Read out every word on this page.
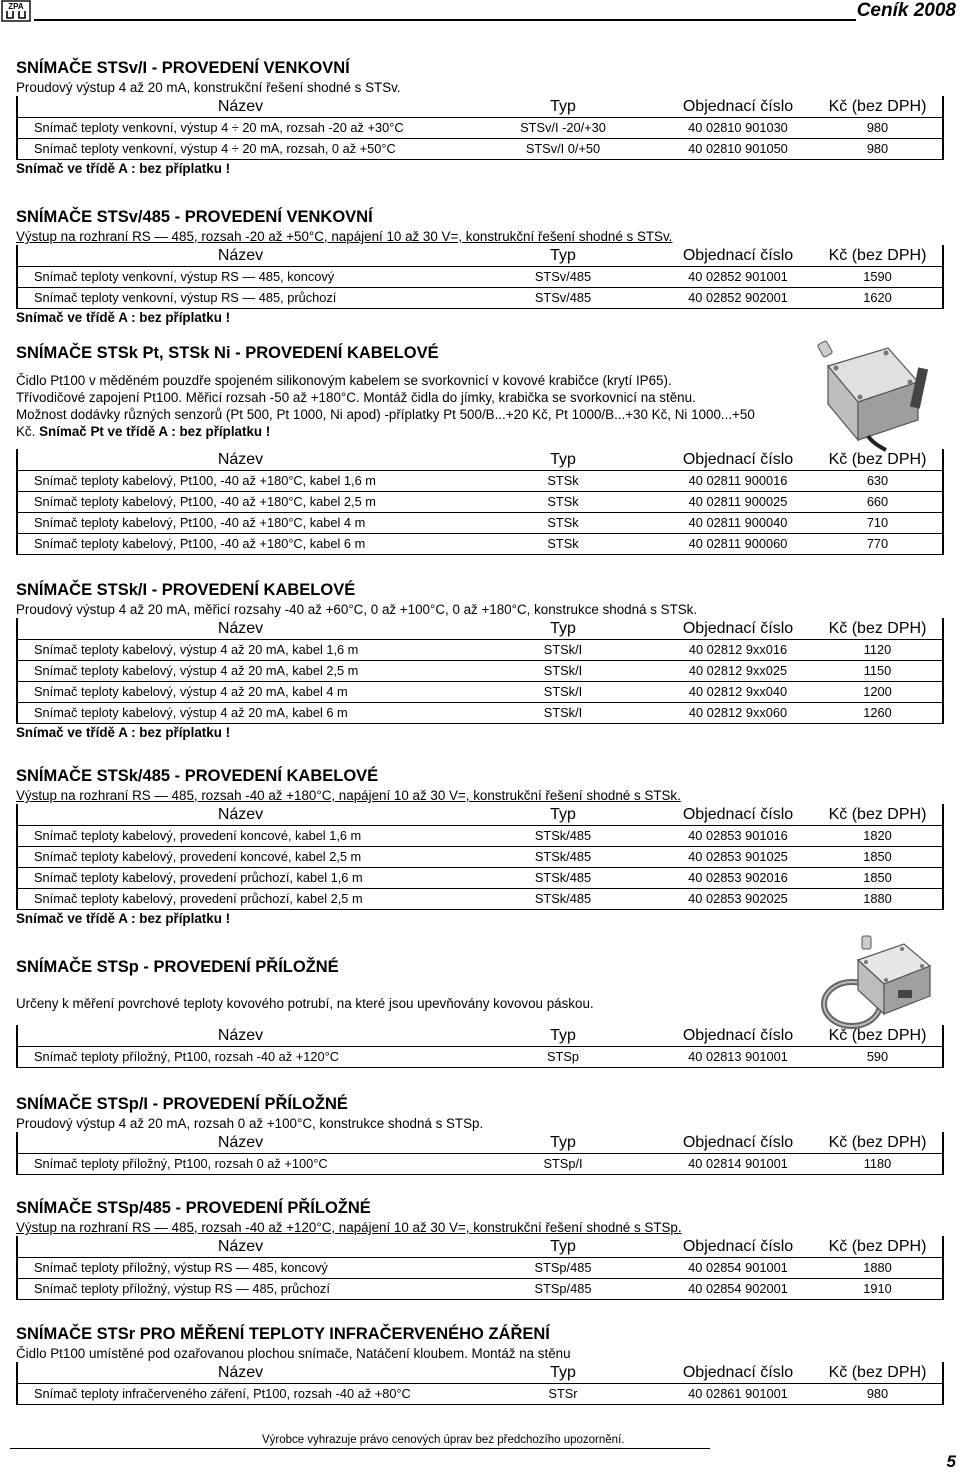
ZPA	Ceník 2008
SNÍMAČE STSv/I - PROVEDENÍ VENKOVNÍ
Proudový výstup 4 až 20 mA, konstrukční řešení shodné s STSv.
Název	Typ	Objednací číslo	Kč (bez DPH)
Snímač teploty venkovní, výstup 4 ÷ 20 mA, rozsah -20 až +30°C	STSv/I -20/+30	40 02810 901030	980
Snímač teploty venkovní, výstup 4 ÷ 20 mA, rozsah, 0 až +50°C	STSv/I 0/+50	40 02810 901050	980
Snímač ve třídě A : bez příplatku !
SNÍMAČE STSv/485 - PROVEDENÍ VENKOVNÍ
Výstup na rozhraní RS — 485, rozsah -20 až +50°C, napájení 10 až 30 V=, konstrukční řešení shodné s STSv.
Název	Typ	Objednací číslo	Kč (bez DPH)
Snímač teploty venkovní, výstup RS — 485, koncový	STSv/485	40 02852 901001	1590
Snímač teploty venkovní, výstup RS — 485, průchozí	STSv/485	40 02852 902001	1620
Snímač ve třídě A : bez příplatku !
SNÍMAČE STSk Pt, STSk Ni - PROVEDENÍ KABELOVÉ
Čidlo Pt100 v měděném pouzdře spojeném silikonovým kabelem se svorkovnicí v kovové krabičce (krytí IP65).
Třívodičové zapojení Pt100. Měřicí rozsah -50 až +180°C. Montáž čidla do jímky, krabička se svorkovnicí na stěnu.
Možnost dodávky různých senzorů (Pt 500, Pt 1000, Ni apod) -příplatky Pt 500/B...+20 Kč, Pt 1000/B...+30 Kč, Ni 1000...+50 Kč. Snímač Pt ve třídě A : bez příplatku !
Název	Typ	Objednací číslo	Kč (bez DPH)
Snímač teploty kabelový, Pt100, -40 až +180°C, kabel 1,6 m	STSk	40 02811 900016	630
Snímač teploty kabelový, Pt100, -40 až +180°C, kabel 2,5 m	STSk	40 02811 900025	660
Snímač teploty kabelový, Pt100, -40 až +180°C, kabel 4 m	STSk	40 02811 900040	710
Snímač teploty kabelový, Pt100, -40 až +180°C, kabel 6 m	STSk	40 02811 900060	770
SNÍMAČE STSk/I - PROVEDENÍ KABELOVÉ
Proudový výstup 4 až 20 mA, měřicí rozsahy -40 až +60°C, 0 až +100°C, 0 až +180°C, konstrukce shodná s STSk.
Název	Typ	Objednací číslo	Kč (bez DPH)
Snímač teploty kabelový, výstup 4 až 20 mA, kabel 1,6 m	STSk/I	40 02812 9xx016	1120
Snímač teploty kabelový, výstup 4 až 20 mA, kabel 2,5 m	STSk/I	40 02812 9xx025	1150
Snímač teploty kabelový, výstup 4 až 20 mA, kabel 4 m	STSk/I	40 02812 9xx040	1200
Snímač teploty kabelový, výstup 4 až 20 mA, kabel 6 m	STSk/I	40 02812 9xx060	1260
Snímač ve třídě A : bez příplatku !
SNÍMAČE STSk/485 - PROVEDENÍ KABELOVÉ
Výstup na rozhraní RS — 485, rozsah -40 až +180°C, napájení 10 až 30 V=, konstrukční řešení shodné s STSk.
Název	Typ	Objednací číslo	Kč (bez DPH)
Snímač teploty kabelový, provedení koncové, kabel 1,6 m	STSk/485	40 02853 901016	1820
Snímač teploty kabelový, provedení koncové, kabel 2,5 m	STSk/485	40 02853 901025	1850
Snímač teploty kabelový, provedení průchozí, kabel 1,6 m	STSk/485	40 02853 902016	1850
Snímač teploty kabelový, provedení průchozí, kabel 2,5 m	STSk/485	40 02853 902025	1880
Snímač ve třídě A : bez příplatku !
SNÍMAČE STSp - PROVEDENÍ PŘÍLOŽNÉ
Určeny k měření povrchové teploty kovového potrubí, na které jsou upevňovány kovovou páskou.
Název	Typ	Objednací číslo	Kč (bez DPH)
Snímač teploty příložný, Pt100, rozsah -40 až +120°C	STSp	40 02813 901001	590
SNÍMAČE STSp/I - PROVEDENÍ PŘÍLOŽNÉ
Proudový výstup 4 až 20 mA, rozsah 0 až +100°C, konstrukce shodná s STSp.
Název	Typ	Objednací číslo	Kč (bez DPH)
Snímač teploty příložný, Pt100, rozsah 0 až +100°C	STSp/I	40 02814 901001	1180
SNÍMAČE STSp/485 - PROVEDENÍ PŘÍLOŽNÉ
Výstup na rozhraní RS — 485, rozsah -40 až +120°C, napájení 10 až 30 V=, konstrukční řešení shodné s STSp.
Název	Typ	Objednací číslo	Kč (bez DPH)
Snímač teploty příložný, výstup RS — 485, koncový	STSp/485	40 02854 901001	1880
Snímač teploty příložný, výstup RS — 485, průchozí	STSp/485	40 02854 902001	1910
SNÍMAČE STSr PRO MĚŘENÍ TEPLOTY INFRAČERVENÉHO ZÁŘENÍ
Čidlo Pt100 umístěné pod ozařovanou plochou snímače, Natáčení kloubem. Montáž na stěnu
Název	Typ	Objednací číslo	Kč (bez DPH)
Snímač teploty infračerveného záření, Pt100, rozsah -40 až +80°C	STSr	40 02861 901001	980
Výrobce vyhrazuje právo cenových úprav bez předchozího upozornění.
5
